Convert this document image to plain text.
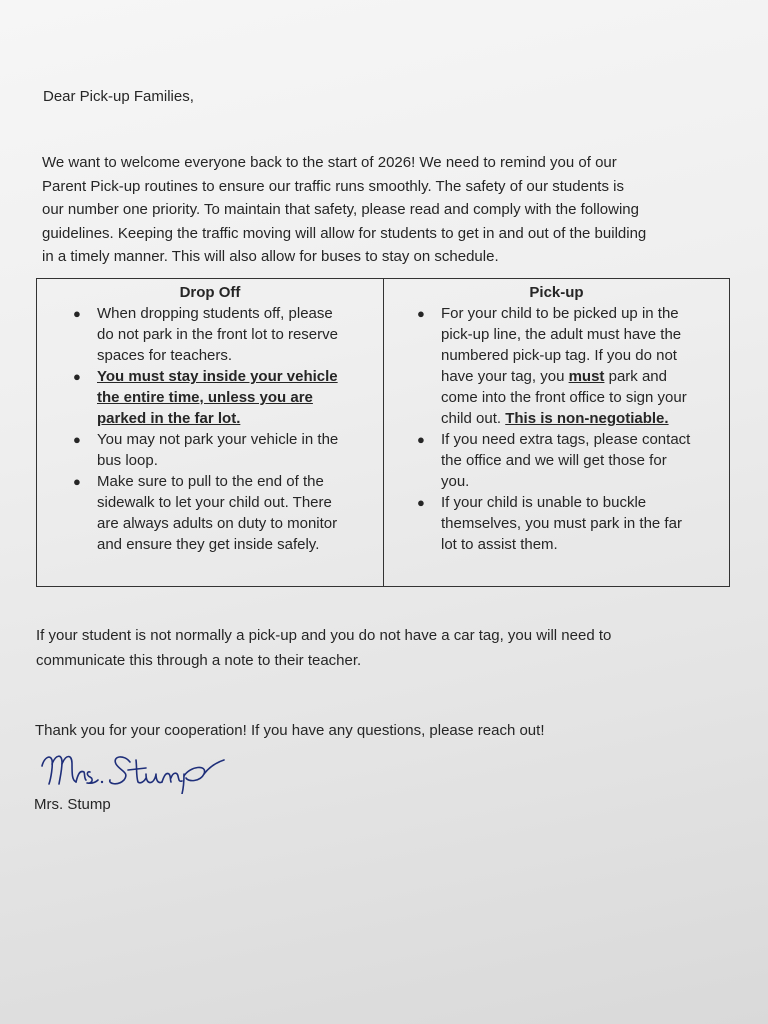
Dear Pick-up Families,

We want to welcome everyone back to the start of 2026! We need to remind you of our
Parent Pick-up routines to ensure our traffic runs smoothly. The safety of our students is
our number one priority. To maintain that safety, please read and comply with the following
guidelines. Keeping the traffic moving will allow for students to get in and out of the building
in a timely manner. This will also allow for buses to stay on schedule.

Drop Off
● When dropping students off, please
do not park in the front lot to reserve
spaces for teachers.
● You must stay inside your vehicle
the entire time, unless you are
parked in the far lot.
● You may not park your vehicle in the
bus loop.
● Make sure to pull to the end of the
sidewalk to let your child out. There
are always adults on duty to monitor
and ensure they get inside safely.

Pick-up
● For your child to be picked up in the
pick-up line, the adult must have the
numbered pick-up tag. If you do not
have your tag, you must park and
come into the front office to sign your
child out. This is non-negotiable.
● If you need extra tags, please contact
the office and we will get those for
you.
● If your child is unable to buckle
themselves, you must park in the far
lot to assist them.

If your student is not normally a pick-up and you do not have a car tag, you will need to
communicate this through a note to their teacher.

Thank you for your cooperation! If you have any questions, please reach out!

Mrs. Stump

Mrs. Stump
